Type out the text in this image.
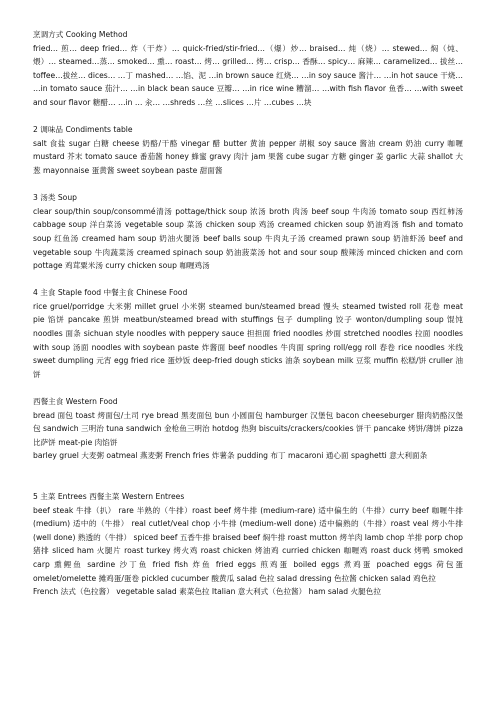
烹调方式 Cooking Method

fried… 煎… deep fried… 炸（干炸）… quick-fried/stir-fried…（爆）炒… braised… 炖（烧）… stewed… 焖（炖、煨）… steamed…蒸… smoked… 熏… roast… 烤… grilled… 烤… crisp… 香酥… spicy… 麻辣… caramelized… 拔丝… toffee…拔丝… dices… …丁 mashed… …馅、泥 …in brown sauce 红烧… …in soy sauce 酱汁… …in hot sauce 干烧… …in tomato sauce 茄汁… …in black bean sauce 豆瓣… …in rice wine 糟溜… …with fish flavor 鱼香… …with sweet and sour flavor 糖醋… …in … 汆… …shreds …丝 …slices …片 …cubes …块

2 调味品 Condiments table

salt 食盐 sugar 白糖 cheese 奶酪/干酪 vinegar 醋 butter 黄油 pepper 胡椒 soy sauce 酱油 cream 奶油 curry 咖喱 mustard 芥末 tomato sauce 番茄酱 honey 蜂蜜 gravy 肉汁 jam 果酱 cube sugar 方糖 ginger 姜 garlic 大蒜 shallot 大葱 mayonnaise 蛋黄酱 sweet soybean paste 甜面酱

3 汤类 Soup

clear soup/thin soup/consommé清汤 pottage/thick soup 浓汤 broth 肉汤 beef soup 牛肉汤 tomato soup 西红柿汤 cabbage soup 洋白菜汤 vegetable soup 菜汤 chicken soup 鸡汤 creamed chicken soup 奶油鸡汤 fish and tomato soup 红鱼汤 creamed ham soup 奶油火腿汤 beef balls soup 牛肉丸子汤 creamed prawn soup 奶油虾汤 beef and vegetable soup 牛肉蔬菜汤 creamed spinach soup 奶油菠菜汤 hot and sour soup 酸辣汤 minced chicken and corn pottage 鸡茸粟米汤 curry chicken soup 咖喱鸡汤

4 主食 Staple food 中餐主食 Chinese Food

rice gruel/porridge 大米粥 millet gruel 小米粥 steamed bun/steamed bread 馒头 steamed twisted roll 花卷 meat pie 馅饼 pancake 煎饼 meatbun/steamed bread with stuffings 包子 dumpling 饺子 wonton/dumpling soup 馄饨 noodles 面条 sichuan style noodles with peppery sauce 担担面 fried noodles 炒面 stretched noodles 拉面 noodles with soup 汤面 noodles with soybean paste 炸酱面 beef noodles 牛肉面 spring roll/egg roll 春卷 rice noodles 米线 sweet dumpling 元宵 egg fried rice 蛋炒饭 deep-fried dough sticks 油条 soybean milk 豆浆 muffin 松糕/饼 cruller 油饼

西餐主食 Western Food

bread 面包 toast 烤面包/土司 rye bread 黑麦面包 bun 小圆面包 hamburger 汉堡包 bacon cheeseburger 腊肉奶酪汉堡包 sandwich 三明治 tuna sandwich 金枪鱼三明治 hotdog 热狗 biscuits/crackers/cookies 饼干 pancake 烤饼/薄饼 pizza 比萨饼 meat-pie 肉馅饼

barley gruel 大麦粥 oatmeal 燕麦粥 French fries 炸薯条 pudding 布丁 macaroni 通心面 spaghetti 意大利面条

5 主菜 Entrees 西餐主菜 Western Entrees

beef steak 牛排（扒） rare 半熟的（牛排）roast beef 烤牛排 (medium-rare) 适中偏生的（牛排）curry beef 咖喱牛排 (medium) 适中的（牛排） real cutlet/veal chop 小牛排 (medium-well done) 适中偏熟的（牛排）roast veal 烤小牛排 (well done) 熟透的（牛排） spiced beef 五香牛排 braised beef 焖牛排 roast mutton 烤羊肉 lamb chop 羊排 porp chop 猪排 sliced ham 火腿片 roast turkey 烤火鸡 roast chicken 烤油鸡 curried chicken 咖喱鸡 roast duck 烤鸭 smoked carp 熏鲤鱼 sardine 沙丁鱼 fried fish 炸鱼 fried eggs 煎鸡蛋 boiled eggs 煮鸡蛋 poached eggs 荷包蛋 omelet/omelette 摊鸡蛋/蛋卷 pickled cucumber 酸黄瓜 salad 色拉 salad dressing 色拉酱 chicken salad 鸡色拉

French 法式（色拉酱） vegetable salad 素菜色拉 Italian 意大利式（色拉酱） ham salad 火腿色拉
